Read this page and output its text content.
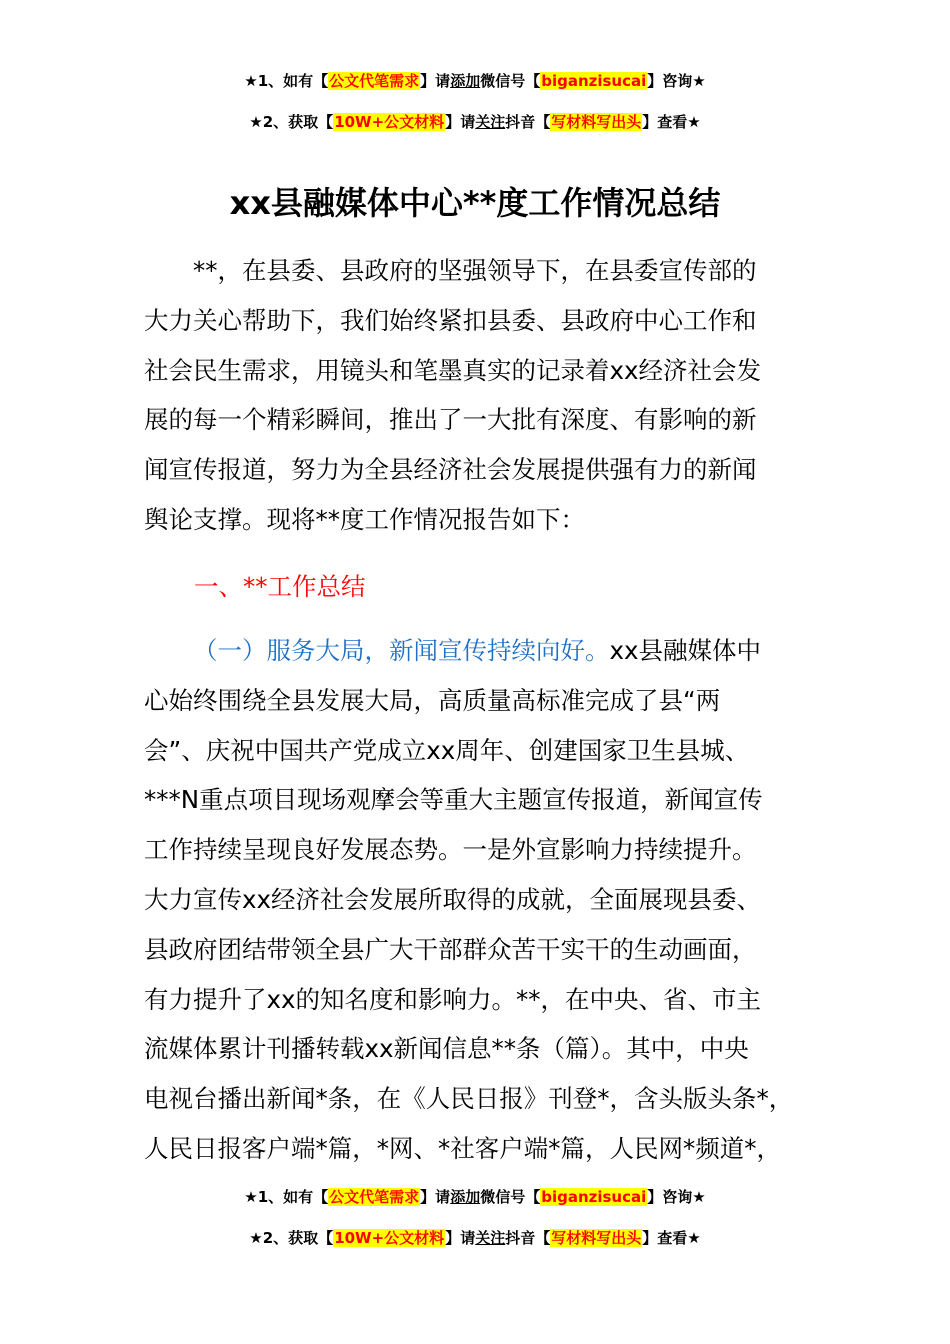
★1、如有【公文代笔需求】请添加微信号【biganzisucai】咨询★
★2、获取【10W+公文材料】请关注抖音【写材料写出头】查看★
xx县融媒体中心**度工作情况总结
**，在县委、县政府的坚强领导下，在县委宣传部的
大力关心帮助下，我们始终紧扣县委、县政府中心工作和
社会民生需求，用镜头和笔墨真实的记录着xx经济社会发
展的每一个精彩瞬间，推出了一大批有深度、有影响的新
闻宣传报道，努力为全县经济社会发展提供强有力的新闻
舆论支撑。现将**度工作情况报告如下：
一、**工作总结
（一）服务大局，新闻宣传持续向好。xx县融媒体中
心始终围绕全县发展大局，高质量高标准完成了县“两
会”、庆祝中国共产党成立xx周年、创建国家卫生县城、
***N重点项目现场观摩会等重大主题宣传报道，新闻宣传
工作持续呈现良好发展态势。一是外宣影响力持续提升。
大力宣传xx经济社会发展所取得的成就，全面展现县委、
县政府团结带领全县广大干部群众苦干实干的生动画面，
有力提升了xx的知名度和影响力。**，在中央、省、市主
流媒体累计刊播转载xx新闻信息**条（篇）。其中，中央
电视台播出新闻*条，在《人民日报》刊登*，含头版头条*，
人民日报客户端*篇，*网、*社客户端*篇，人民网*频道*，
★1、如有【公文代笔需求】请添加微信号【biganzisucai】咨询★
★2、获取【10W+公文材料】请关注抖音【写材料写出头】查看★
